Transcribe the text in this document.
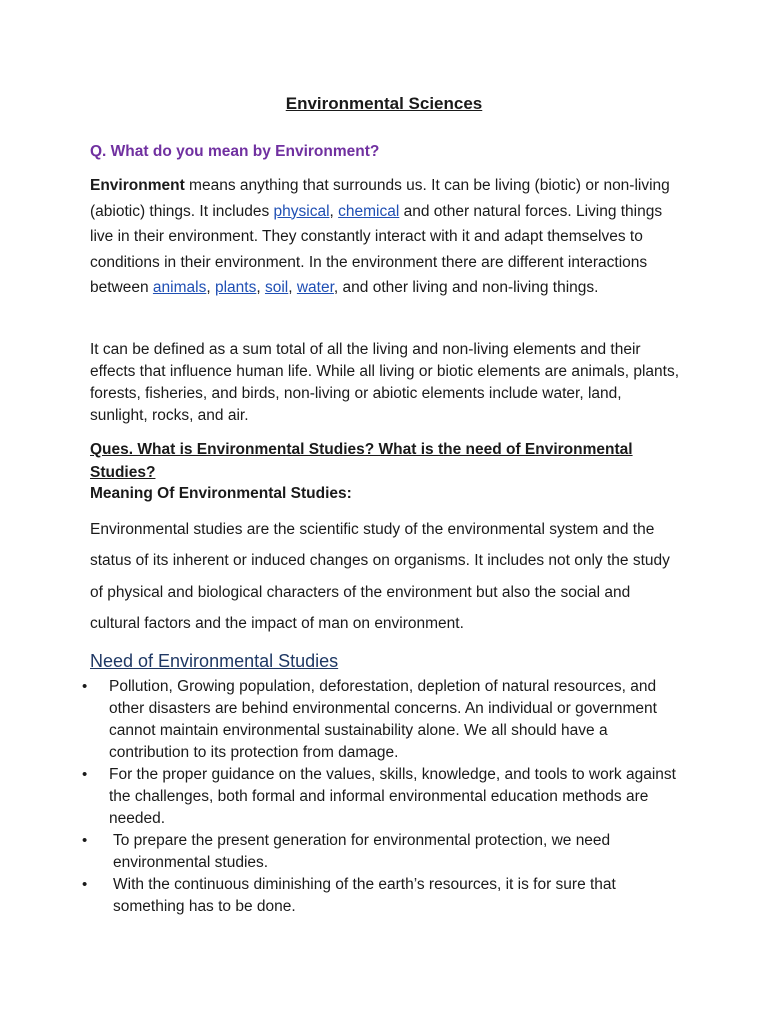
Environmental Sciences

Q. What do you mean by Environment?

Environment means anything that surrounds us. It can be living (biotic) or non-living (abiotic) things. It includes physical, chemical and other natural forces. Living things live in their environment. They constantly interact with it and adapt themselves to conditions in their environment. In the environment there are different interactions between animals, plants, soil, water, and other living and non-living things.

It can be defined as a sum total of all the living and non-living elements and their effects that influence human life. While all living or biotic elements are animals, plants, forests, fisheries, and birds, non-living or abiotic elements include water, land, sunlight, rocks, and air.

Ques. What is Environmental Studies? What is the need of Environmental Studies?

Meaning Of Environmental Studies:

Environmental studies are the scientific study of the environmental system and the status of its inherent or induced changes on organisms. It includes not only the study of physical and biological characters of the environment but also the social and cultural factors and the impact of man on environment.

Need of Environmental Studies
• Pollution, Growing population, deforestation, depletion of natural resources, and other disasters are behind environmental concerns. An individual or government cannot maintain environmental sustainability alone. We all should have a contribution to its protection from damage.
• For the proper guidance on the values, skills, knowledge, and tools to work against the challenges, both formal and informal environmental education methods are needed.
• To prepare the present generation for environmental protection, we need environmental studies.
• With the continuous diminishing of the earth’s resources, it is for sure that something has to be done.
